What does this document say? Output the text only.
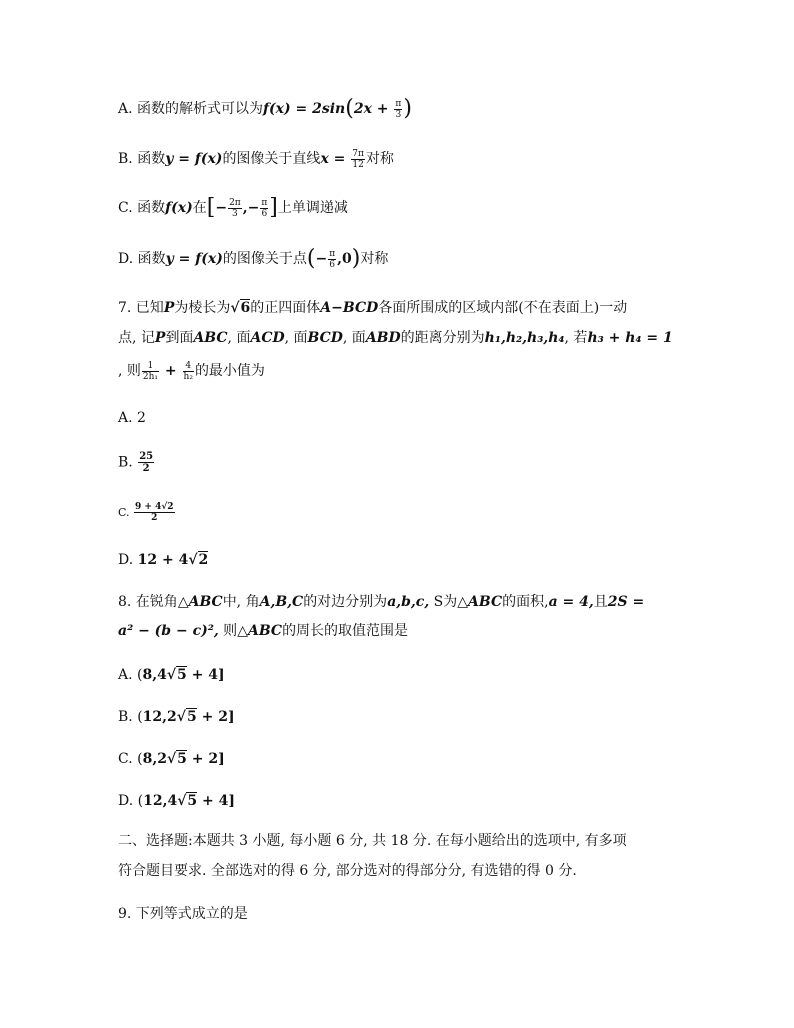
A. 函数的解析式可以为$f(x) = 2\sin(2x + \frac{\pi}{3}$ )
B. 函数y = f(x)的图像关于直线$x = \frac{7\pi}{12}$ 对称
C. 函数f(x)在[− $\frac{2\pi}{3}$ ,− $\frac{\pi}{6}$ ]上单调递减
D. 函数y = f(x)的图像关于点(− $\frac{\pi}{6} ,0$)对称
7. 已知P为棱长为√6的正四面体A−BCD各面所围成的区域内部(不在表面上)一动
点, 记P到面ABC, 面ACD, 面BCD, 面ABD的距离分别为h₁,h₂,h₃,h₄, 若h₃ + h₄ = 1
, 则 $\frac{1}{\text{2h₁}} + \frac{4}{\text{h₂}}$ 的最小值为
A. 2
B. $\frac{25}{2}$
C. $\frac{9 + 4√2}{2}$
D. 12 + 4√2
8. 在锐角△ABC中, 角A,B,C的对边分别为a,b,c, S为△ABC的面积,a = 4,且2S =
a² − (b − c)², 则△ABC的周长的取值范围是
A. (8,4√5 + 4]
B. (12,2√5 + 2]
C. (8,2√5 + 2]
D. (12,4√5 + 4]
二、选择题:本题共 3 小题, 每小题 6 分, 共 18 分. 在每小题给出的选项中, 有多项
符合题目要求. 全部选对的得 6 分, 部分选对的得部分分, 有选错的得 0 分.
9. 下列等式成立的是
